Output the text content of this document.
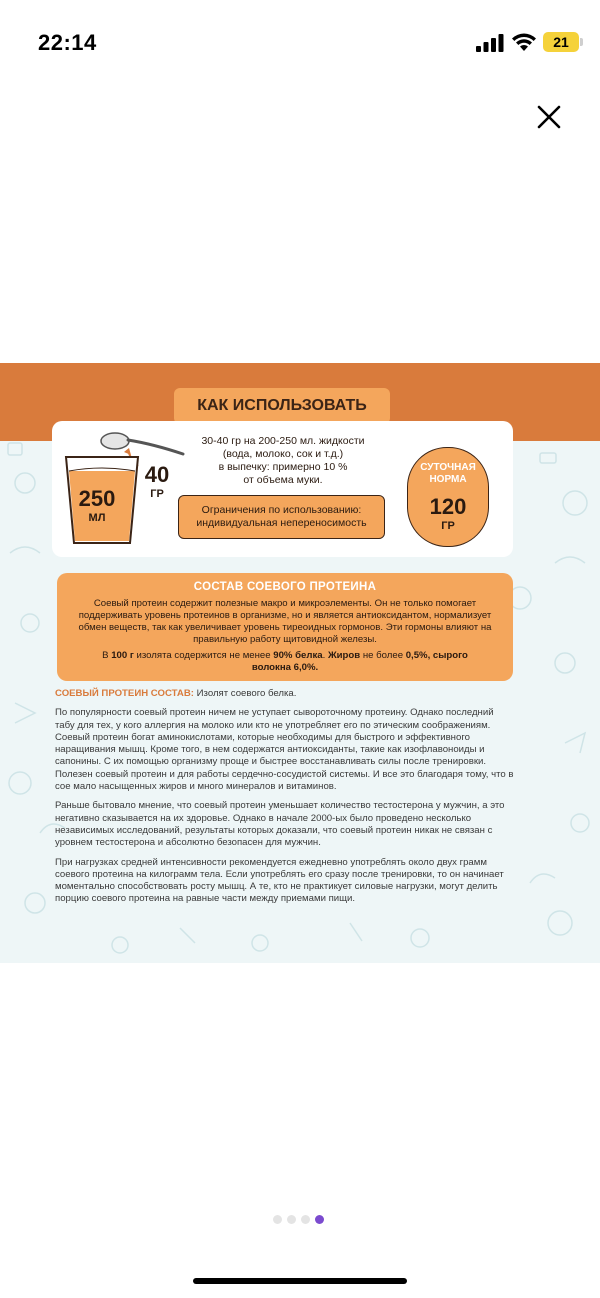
22:14	21
КАК ИСПОЛЬЗОВАТЬ
40
ГР
250
МЛ
30-40 гр на 200-250 мл. жидкости
(вода, молоко, сок и т.д.)
в выпечку: примерно 10 %
от объема муки.
Ограничения по использованию:
индивидуальная непереносимость
СУТОЧНАЯ
НОРМА
120
ГР
СОСТАВ СОЕВОГО ПРОТЕИНА
Соевый протеин содержит полезные макро и микроэлементы. Он не только помогает поддерживать уровень протеинов в организме, но и является антиоксидантом, нормализует обмен веществ, так как увеличивает уровень тиреоидных гормонов. Эти гормоны влияют на правильную работу щитовидной железы.
В 100 г изолята содержится не менее 90% белка. Жиров не более 0,5%, сырого волокна 6,0%.

СОЕВЫЙ ПРОТЕИН СОСТАВ: Изолят соевого белка.

По популярности соевый протеин ничем не уступает сывороточному протеину. Однако последний табу для тех, у кого аллергия на молоко или кто не употребляет его по этическим соображениям. Соевый протеин богат аминокислотами, которые необходимы для быстрого и эффективного наращивания мышц. Кроме того, в нем содержатся антиоксиданты, такие как изофлавоноиды и сапонины. С их помощью организму проще и быстрее восстанавливать силы после тренировки. Полезен соевый протеин и для работы сердечно-сосудистой системы. И все это благодаря тому, что в сое мало насыщенных жиров и много минералов и витаминов.

Раньше бытовало мнение, что соевый протеин уменьшает количество тестостерона у мужчин, а это негативно сказывается на их здоровье. Однако в начале 2000-ых было проведено несколько независимых исследований, результаты которых доказали, что соевый протеин никак не связан с уровнем тестостерона и абсолютно безопасен для мужчин.

При нагрузках средней интенсивности рекомендуется ежедневно употреблять около двух грамм соевого протеина на килограмм тела. Если употреблять его сразу после тренировки, то он начинает моментально способствовать росту мышц. А те, кто не практикует силовые нагрузки, могут делить порцию соевого протеина на равные части между приемами пищи.
